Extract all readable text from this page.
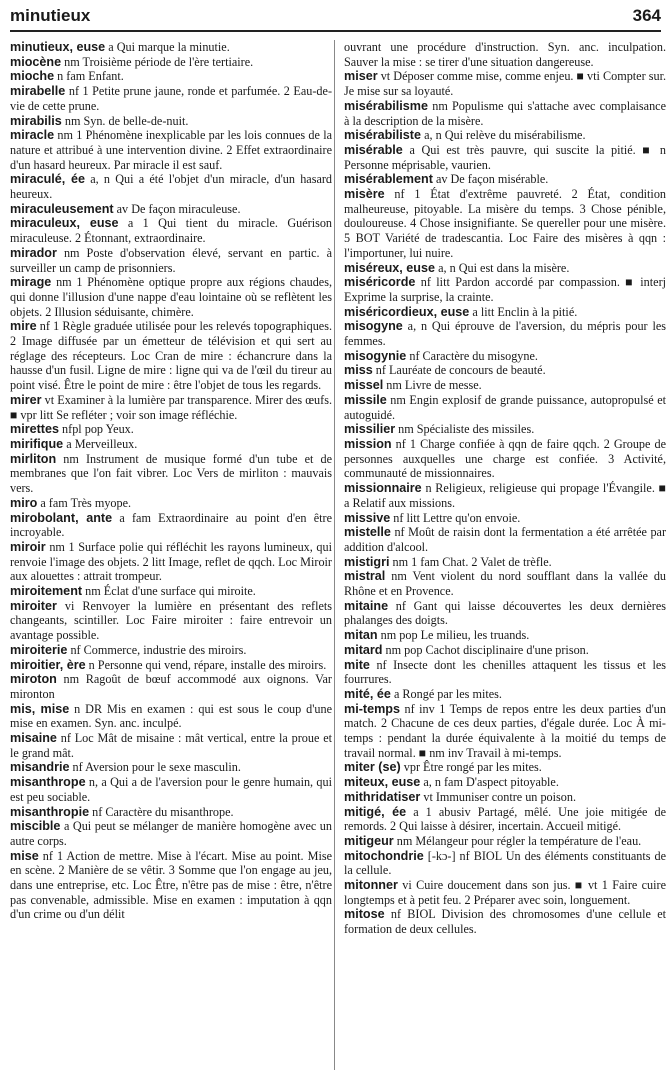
minutieux	364

minutieux, euse a Qui marque la minutie.

miocène nm Troisième période de l'ère tertiaire.

mioche n fam Enfant.

mirabelle nf 1 Petite prune jaune, ronde et parfumée. 2 Eau-de-vie de cette prune.

mirabilis nm Syn. de belle-de-nuit.

miracle nm 1 Phénomène inexplicable par les lois connues de la nature et attribué à une intervention divine. 2 Effet extraordinaire d'un hasard heureux. Par miracle il est sauf.

miraculé, ée a, n Qui a été l'objet d'un miracle, d'un hasard heureux.

miraculeusement av De façon miraculeuse.

miraculeux, euse a 1 Qui tient du miracle. Guérison miraculeuse. 2 Étonnant, extraordinaire.

mirador nm Poste d'observation élevé, servant en partic. à surveiller un camp de prisonniers.

mirage nm 1 Phénomène optique propre aux régions chaudes, qui donne l'illusion d'une nappe d'eau lointaine où se reflètent les objets. 2 Illusion séduisante, chimère.

mire nf 1 Règle graduée utilisée pour les relevés topographiques. 2 Image diffusée par un émetteur de télévision et qui sert au réglage des récepteurs. Loc Cran de mire : échancrure dans la hausse d'un fusil. Ligne de mire : ligne qui va de l'œil du tireur au point visé. Être le point de mire : être l'objet de tous les regards.

mirer vt Examiner à la lumière par transparence. Mirer des œufs. ■ vpr litt Se refléter ; voir son image réfléchie.

mirettes nfpl pop Yeux.

mirifique a Merveilleux.

mirliton nm Instrument de musique formé d'un tube et de membranes que l'on fait vibrer. Loc Vers de mirliton : mauvais vers.

miro a fam Très myope.

mirobolant, ante a fam Extraordinaire au point d'en être incroyable.

miroir nm 1 Surface polie qui réfléchit les rayons lumineux, qui renvoie l'image des objets. 2 litt Image, reflet de qqch. Loc Miroir aux alouettes : attrait trompeur.

miroitement nm Éclat d'une surface qui miroite.

miroiter vi Renvoyer la lumière en présentant des reflets changeants, scintiller. Loc Faire miroiter : faire entrevoir un avantage possible.

miroiterie nf Commerce, industrie des miroirs.

miroitier, ère n Personne qui vend, répare, installe des miroirs.

miroton nm Ragoût de bœuf accommodé aux oignons. Var mironton

mis, mise n DR Mis en examen : qui est sous le coup d'une mise en examen. Syn. anc. inculpé.

misaine nf Loc Mât de misaine : mât vertical, entre la proue et le grand mât.

misandrie nf Aversion pour le sexe masculin.

misanthrope n, a Qui a de l'aversion pour le genre humain, qui est peu sociable.

misanthropie nf Caractère du misanthrope.

miscible a Qui peut se mélanger de manière homogène avec un autre corps.

mise nf 1 Action de mettre. Mise à l'écart. Mise au point. Mise en scène. 2 Manière de se vêtir. 3 Somme que l'on engage au jeu, dans une entreprise, etc. Loc Être, n'être pas de mise : être, n'être pas convenable, admissible. Mise en examen : imputation à qqn d'un crime ou d'un délit

ouvrant une procédure d'instruction. Syn. anc. inculpation. Sauver la mise : se tirer d'une situation dangereuse.

miser vt Déposer comme mise, comme enjeu. ■ vti Compter sur. Je mise sur sa loyauté.

misérabilisme nm Populisme qui s'attache avec complaisance à la description de la misère.

misérabiliste a, n Qui relève du misérabilisme.

misérable a Qui est très pauvre, qui suscite la pitié. ■ n Personne méprisable, vaurien.

misérablement av De façon misérable.

misère nf 1 État d'extrême pauvreté. 2 État, condition malheureuse, pitoyable. La misère du temps. 3 Chose pénible, douloureuse. 4 Chose insignifiante. Se quereller pour une misère. 5 BOT Variété de tradescantia. Loc Faire des misères à qqn : l'importuner, lui nuire.

miséreux, euse a, n Qui est dans la misère.

miséricorde nf litt Pardon accordé par compassion. ■ interj Exprime la surprise, la crainte.

miséricordieux, euse a litt Enclin à la pitié.

misogyne a, n Qui éprouve de l'aversion, du mépris pour les femmes.

misogynie nf Caractère du misogyne.

miss nf Lauréate de concours de beauté.

missel nm Livre de messe.

missile nm Engin explosif de grande puissance, autopropulsé et autoguidé.

missilier nm Spécialiste des missiles.

mission nf 1 Charge confiée à qqn de faire qqch. 2 Groupe de personnes auxquelles une charge est confiée. 3 Activité, communauté de missionnaires.

missionnaire n Religieux, religieuse qui propage l'Évangile. ■ a Relatif aux missions.

missive nf litt Lettre qu'on envoie.

mistelle nf Moût de raisin dont la fermentation a été arrêtée par addition d'alcool.

mistigri nm 1 fam Chat. 2 Valet de trèfle.

mistral nm Vent violent du nord soufflant dans la vallée du Rhône et en Provence.

mitaine nf Gant qui laisse découvertes les deux dernières phalanges des doigts.

mitan nm pop Le milieu, les truands.

mitard nm pop Cachot disciplinaire d'une prison.

mite nf Insecte dont les chenilles attaquent les tissus et les fourrures.

mité, ée a Rongé par les mites.

mi-temps nf inv 1 Temps de repos entre les deux parties d'un match. 2 Chacune de ces deux parties, d'égale durée. Loc À mi-temps : pendant la durée équivalente à la moitié du temps de travail normal. ■ nm inv Travail à mi-temps.

miter (se) vpr Être rongé par les mites.

miteux, euse a, n fam D'aspect pitoyable.

mithridatiser vt Immuniser contre un poison.

mitigé, ée a 1 abusiv Partagé, mêlé. Une joie mitigée de remords. 2 Qui laisse à désirer, incertain. Accueil mitigé.

mitigeur nm Mélangeur pour régler la température de l'eau.

mitochondrie [-kɔ-] nf BIOL Un des éléments constituants de la cellule.

mitonner vi Cuire doucement dans son jus. ■ vt 1 Faire cuire longtemps et à petit feu. 2 Préparer avec soin, longuement.

mitose nf BIOL Division des chromosomes d'une cellule et formation de deux cellules.
